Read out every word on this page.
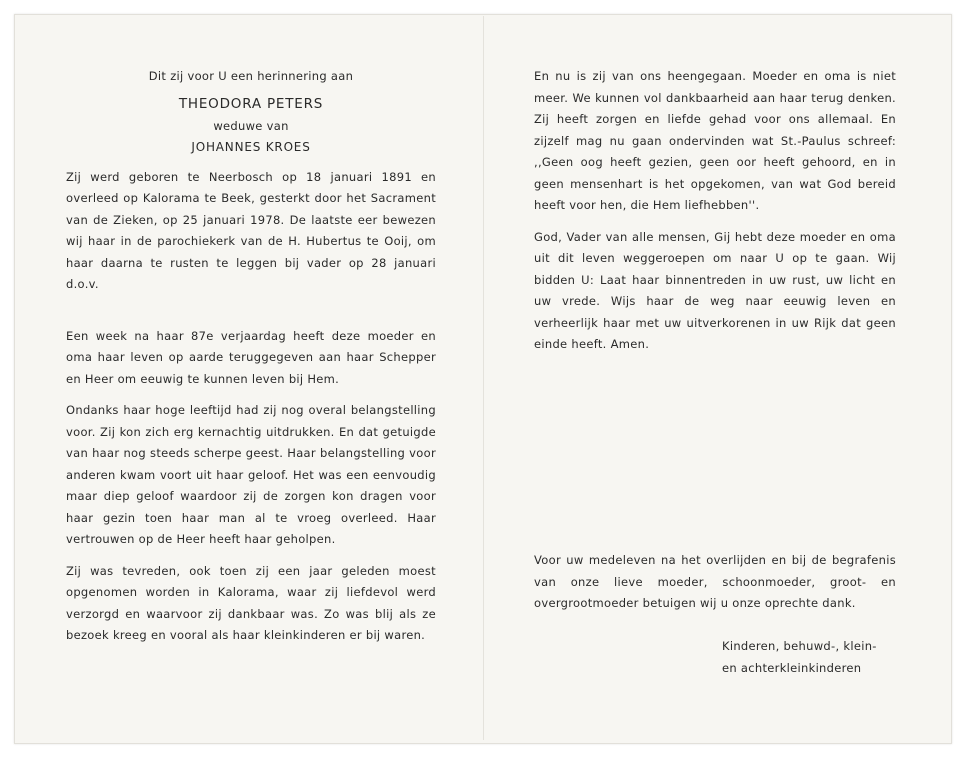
Dit zij voor U een herinnering aan
THEODORA PETERS
weduwe van
JOHANNES KROES

Zij werd geboren te Neerbosch op 18 januari 1891 en overleed op Kalorama te Beek, gesterkt door het Sacrament van de Zieken, op 25 januari 1978. De laatste eer bewezen wij haar in de parochiekerk van de H. Hubertus te Ooij, om haar daarna te rusten te leggen bij vader op 28 januari d.o.v.

Een week na haar 87e verjaardag heeft deze moeder en oma haar leven op aarde teruggegeven aan haar Schepper en Heer om eeuwig te kunnen leven bij Hem.

Ondanks haar hoge leeftijd had zij nog overal belangstelling voor. Zij kon zich erg kernachtig uitdrukken. En dat getuigde van haar nog steeds scherpe geest. Haar belangstelling voor anderen kwam voort uit haar geloof. Het was een eenvoudig maar diep geloof waardoor zij de zorgen kon dragen voor haar gezin toen haar man al te vroeg overleed. Haar vertrouwen op de Heer heeft haar geholpen.

Zij was tevreden, ook toen zij een jaar geleden moest opgenomen worden in Kalorama, waar zij liefdevol werd verzorgd en waarvoor zij dankbaar was. Zo was blij als ze bezoek kreeg en vooral als haar kleinkinderen er bij waren.

En nu is zij van ons heengegaan. Moeder en oma is niet meer. We kunnen vol dankbaarheid aan haar terug denken. Zij heeft zorgen en liefde gehad voor ons allemaal. En zijzelf mag nu gaan ondervinden wat St.-Paulus schreef: ,,Geen oog heeft gezien, geen oor heeft gehoord, en in geen mensenhart is het opgekomen, van wat God bereid heeft voor hen, die Hem liefhebben''.

God, Vader van alle mensen, Gij hebt deze moeder en oma uit dit leven weggeroepen om naar U op te gaan. Wij bidden U: Laat haar binnentreden in uw rust, uw licht en uw vrede. Wijs haar de weg naar eeuwig leven en verheerlijk haar met uw uitverkorenen in uw Rijk dat geen einde heeft. Amen.

Voor uw medeleven na het overlijden en bij de begrafenis van onze lieve moeder, schoonmoeder, groot- en overgrootmoeder betuigen wij u onze oprechte dank.

Kinderen, behuwd-, klein-
en achterkleinkinderen
